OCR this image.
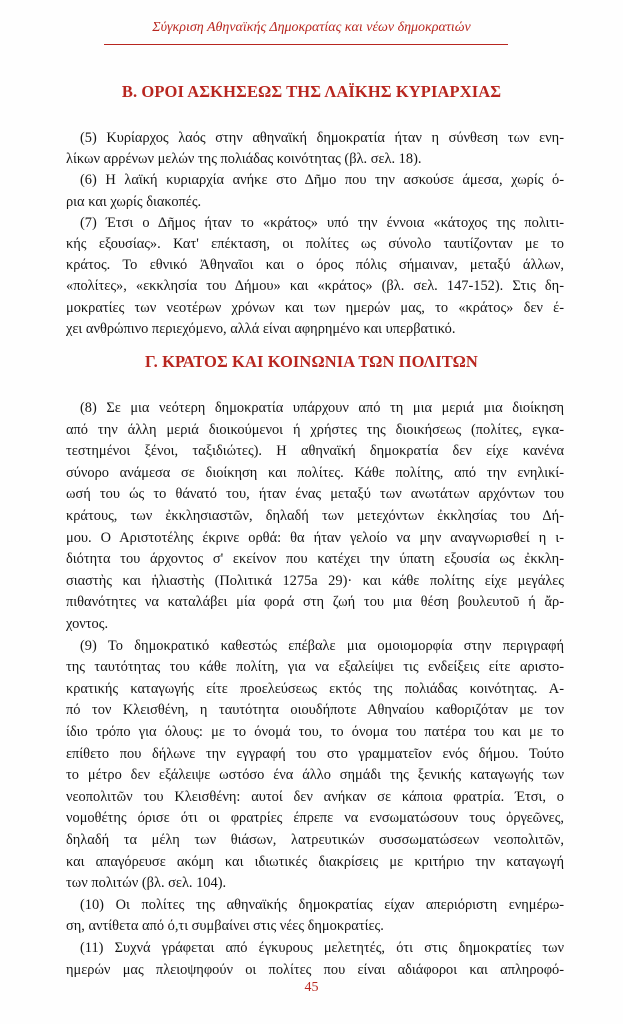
Σύγκριση Αθηναϊκής Δημοκρατίας και νέων δημοκρατιών
Β. ΟΡΟΙ ΑΣΚΗΣΕΩΣ ΤΗΣ ΛΑΪΚΗΣ ΚΥΡΙΑΡΧΙΑΣ
(5) Κυρίαρχος λαός στην αθηναϊκή δημοκρατία ήταν η σύνθεση των ενη-
λίκων αρρένων μελών της πολιάδας κοινότητας (βλ. σελ. 18).
(6) Η λαϊκή κυριαρχία ανήκε στο Δῆμο που την ασκούσε άμεσα, χωρίς ό-
ρια και χωρίς διακοπές.
(7) Έτσι ο Δῆμος ήταν το «κράτος» υπό την έννοια «κάτοχος της πολιτι-
κής εξουσίας». Κατ' επέκταση, οι πολίτες ως σύνολο ταυτίζονταν με το
κράτος. Το εθνικό Ἀθηναῖοι και ο όρος πόλις σήμαιναν, μεταξύ άλλων,
«πολίτες», «εκκλησία του Δήμου» και «κράτος» (βλ. σελ. 147-152). Στις δη-
μοκρατίες των νεοτέρων χρόνων και των ημερών μας, το «κράτος» δεν έ-
χει ανθρώπινο περιεχόμενο, αλλά είναι αφηρημένο και υπερβατικό.
Γ. ΚΡΑΤΟΣ ΚΑΙ ΚΟΙΝΩΝΙΑ ΤΩΝ ΠΟΛΙΤΩΝ
(8) Σε μια νεότερη δημοκρατία υπάρχουν από τη μια μεριά μια διοίκηση
από την άλλη μεριά διοικούμενοι ή χρήστες της διοικήσεως (πολίτες, εγκα-
τεστημένοι ξένοι, ταξιδιώτες). Η αθηναϊκή δημοκρατία δεν είχε κανένα
σύνορο ανάμεσα σε διοίκηση και πολίτες. Κάθε πολίτης, από την ενηλικί-
ωσή του ώς το θάνατό του, ήταν ένας μεταξύ των ανωτάτων αρχόντων του
κράτους, των ἐκκλησιαστῶν, δηλαδή των μετεχόντων ἐκκλησίας του Δή-
μου. Ο Αριστοτέλης έκρινε ορθά: θα ήταν γελοίο να μην αναγνωρισθεί η ι-
διότητα του άρχοντος σ' εκείνον που κατέχει την ύπατη εξουσία ως ἐκκλη-
σιαστὴς και ἡλιαστὴς (Πολιτικά 1275a 29)· και κάθε πολίτης είχε μεγάλες
πιθανότητες να καταλάβει μία φορά στη ζωή του μια θέση βουλευτοῦ ή ἄρ-
χοντος.
(9) Το δημοκρατικό καθεστώς επέβαλε μια ομοιομορφία στην περιγραφή
της ταυτότητας του κάθε πολίτη, για να εξαλείψει τις ενδείξεις είτε αριστο-
κρατικής καταγωγής είτε προελεύσεως εκτός της πολιάδας κοινότητας. Α-
πό τον Κλεισθένη, η ταυτότητα οιουδήποτε Αθηναίου καθοριζόταν με τον
ίδιο τρόπο για όλους: με το όνομά του, το όνομα του πατέρα του και με το
επίθετο που δήλωνε την εγγραφή του στο γραμματεῖον ενός δήμου. Τούτο
το μέτρο δεν εξάλειψε ωστόσο ένα άλλο σημάδι της ξενικής καταγωγής των
νεοπολιτῶν του Κλεισθένη: αυτοί δεν ανήκαν σε κάποια φρατρία. Έτσι, ο
νομοθέτης όρισε ότι οι φρατρίες έπρεπε να ενσωματώσουν τους ὀργεῶνες,
δηλαδή τα μέλη των θιάσων, λατρευτικών συσσωματώσεων νεοπολιτῶν,
και απαγόρευσε ακόμη και ιδιωτικές διακρίσεις με κριτήριο την καταγωγή
των πολιτών (βλ. σελ. 104).
(10) Οι πολίτες της αθηναϊκής δημοκρατίας είχαν απεριόριστη ενημέρω-
ση, αντίθετα από ό,τι συμβαίνει στις νέες δημοκρατίες.
(11) Συχνά γράφεται από έγκυρους μελετητές, ότι στις δημοκρατίες των
ημερών μας πλειοψηφούν οι πολίτες που είναι αδιάφοροι και απληροφό-
45
